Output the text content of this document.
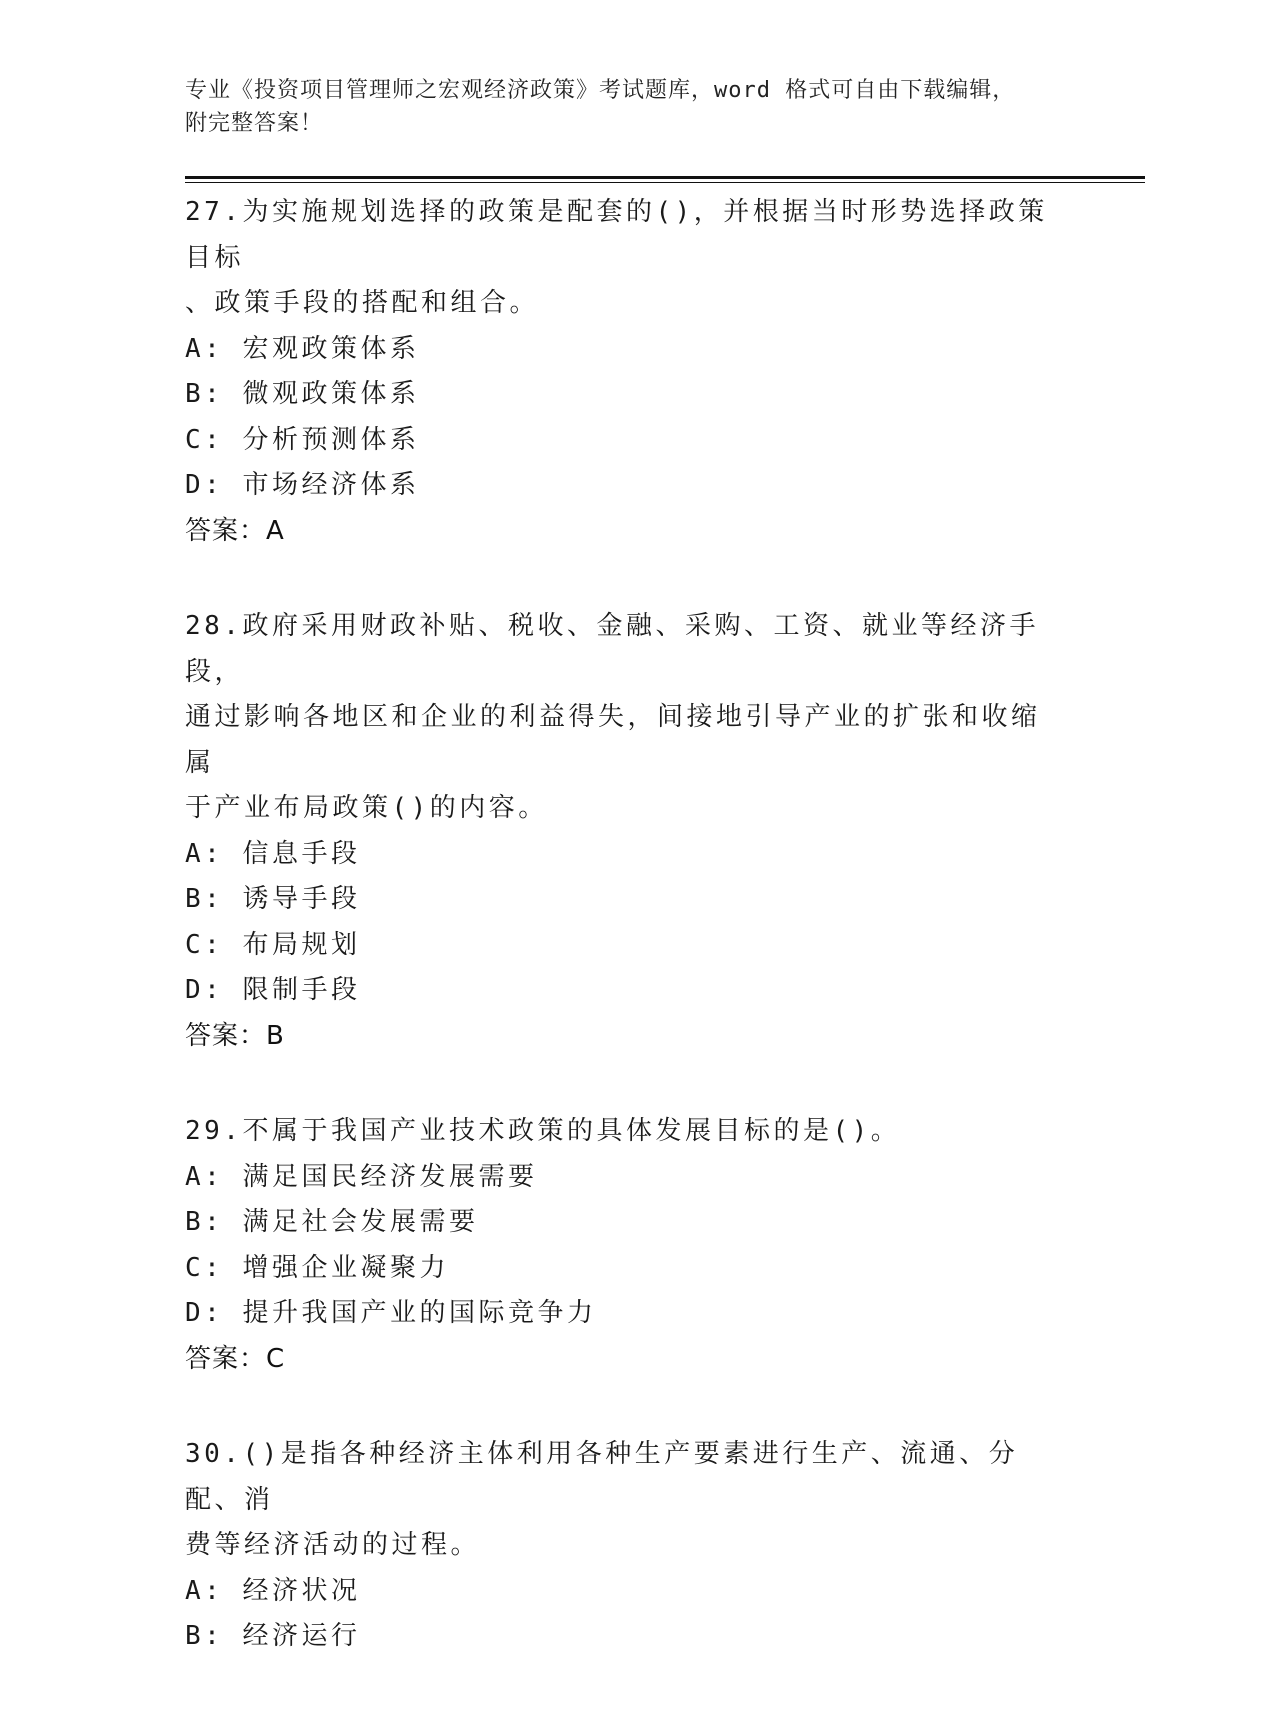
专业《投资项目管理师之宏观经济政策》考试题库，word 格式可自由下载编辑，
附完整答案！
27.为实施规划选择的政策是配套的()，并根据当时形势选择政策目标
、政策手段的搭配和组合。
A: 宏观政策体系
B: 微观政策体系
C: 分析预测体系
D: 市场经济体系
答案：A
28.政府采用财政补贴、税收、金融、采购、工资、就业等经济手段，
通过影响各地区和企业的利益得失，间接地引导产业的扩张和收缩属
于产业布局政策()的内容。
A: 信息手段
B: 诱导手段
C: 布局规划
D: 限制手段
答案：B
29.不属于我国产业技术政策的具体发展目标的是()。
A: 满足国民经济发展需要
B: 满足社会发展需要
C: 增强企业凝聚力
D: 提升我国产业的国际竞争力
答案：C
30.()是指各种经济主体利用各种生产要素进行生产、流通、分配、消
费等经济活动的过程。
A: 经济状况
B: 经济运行
